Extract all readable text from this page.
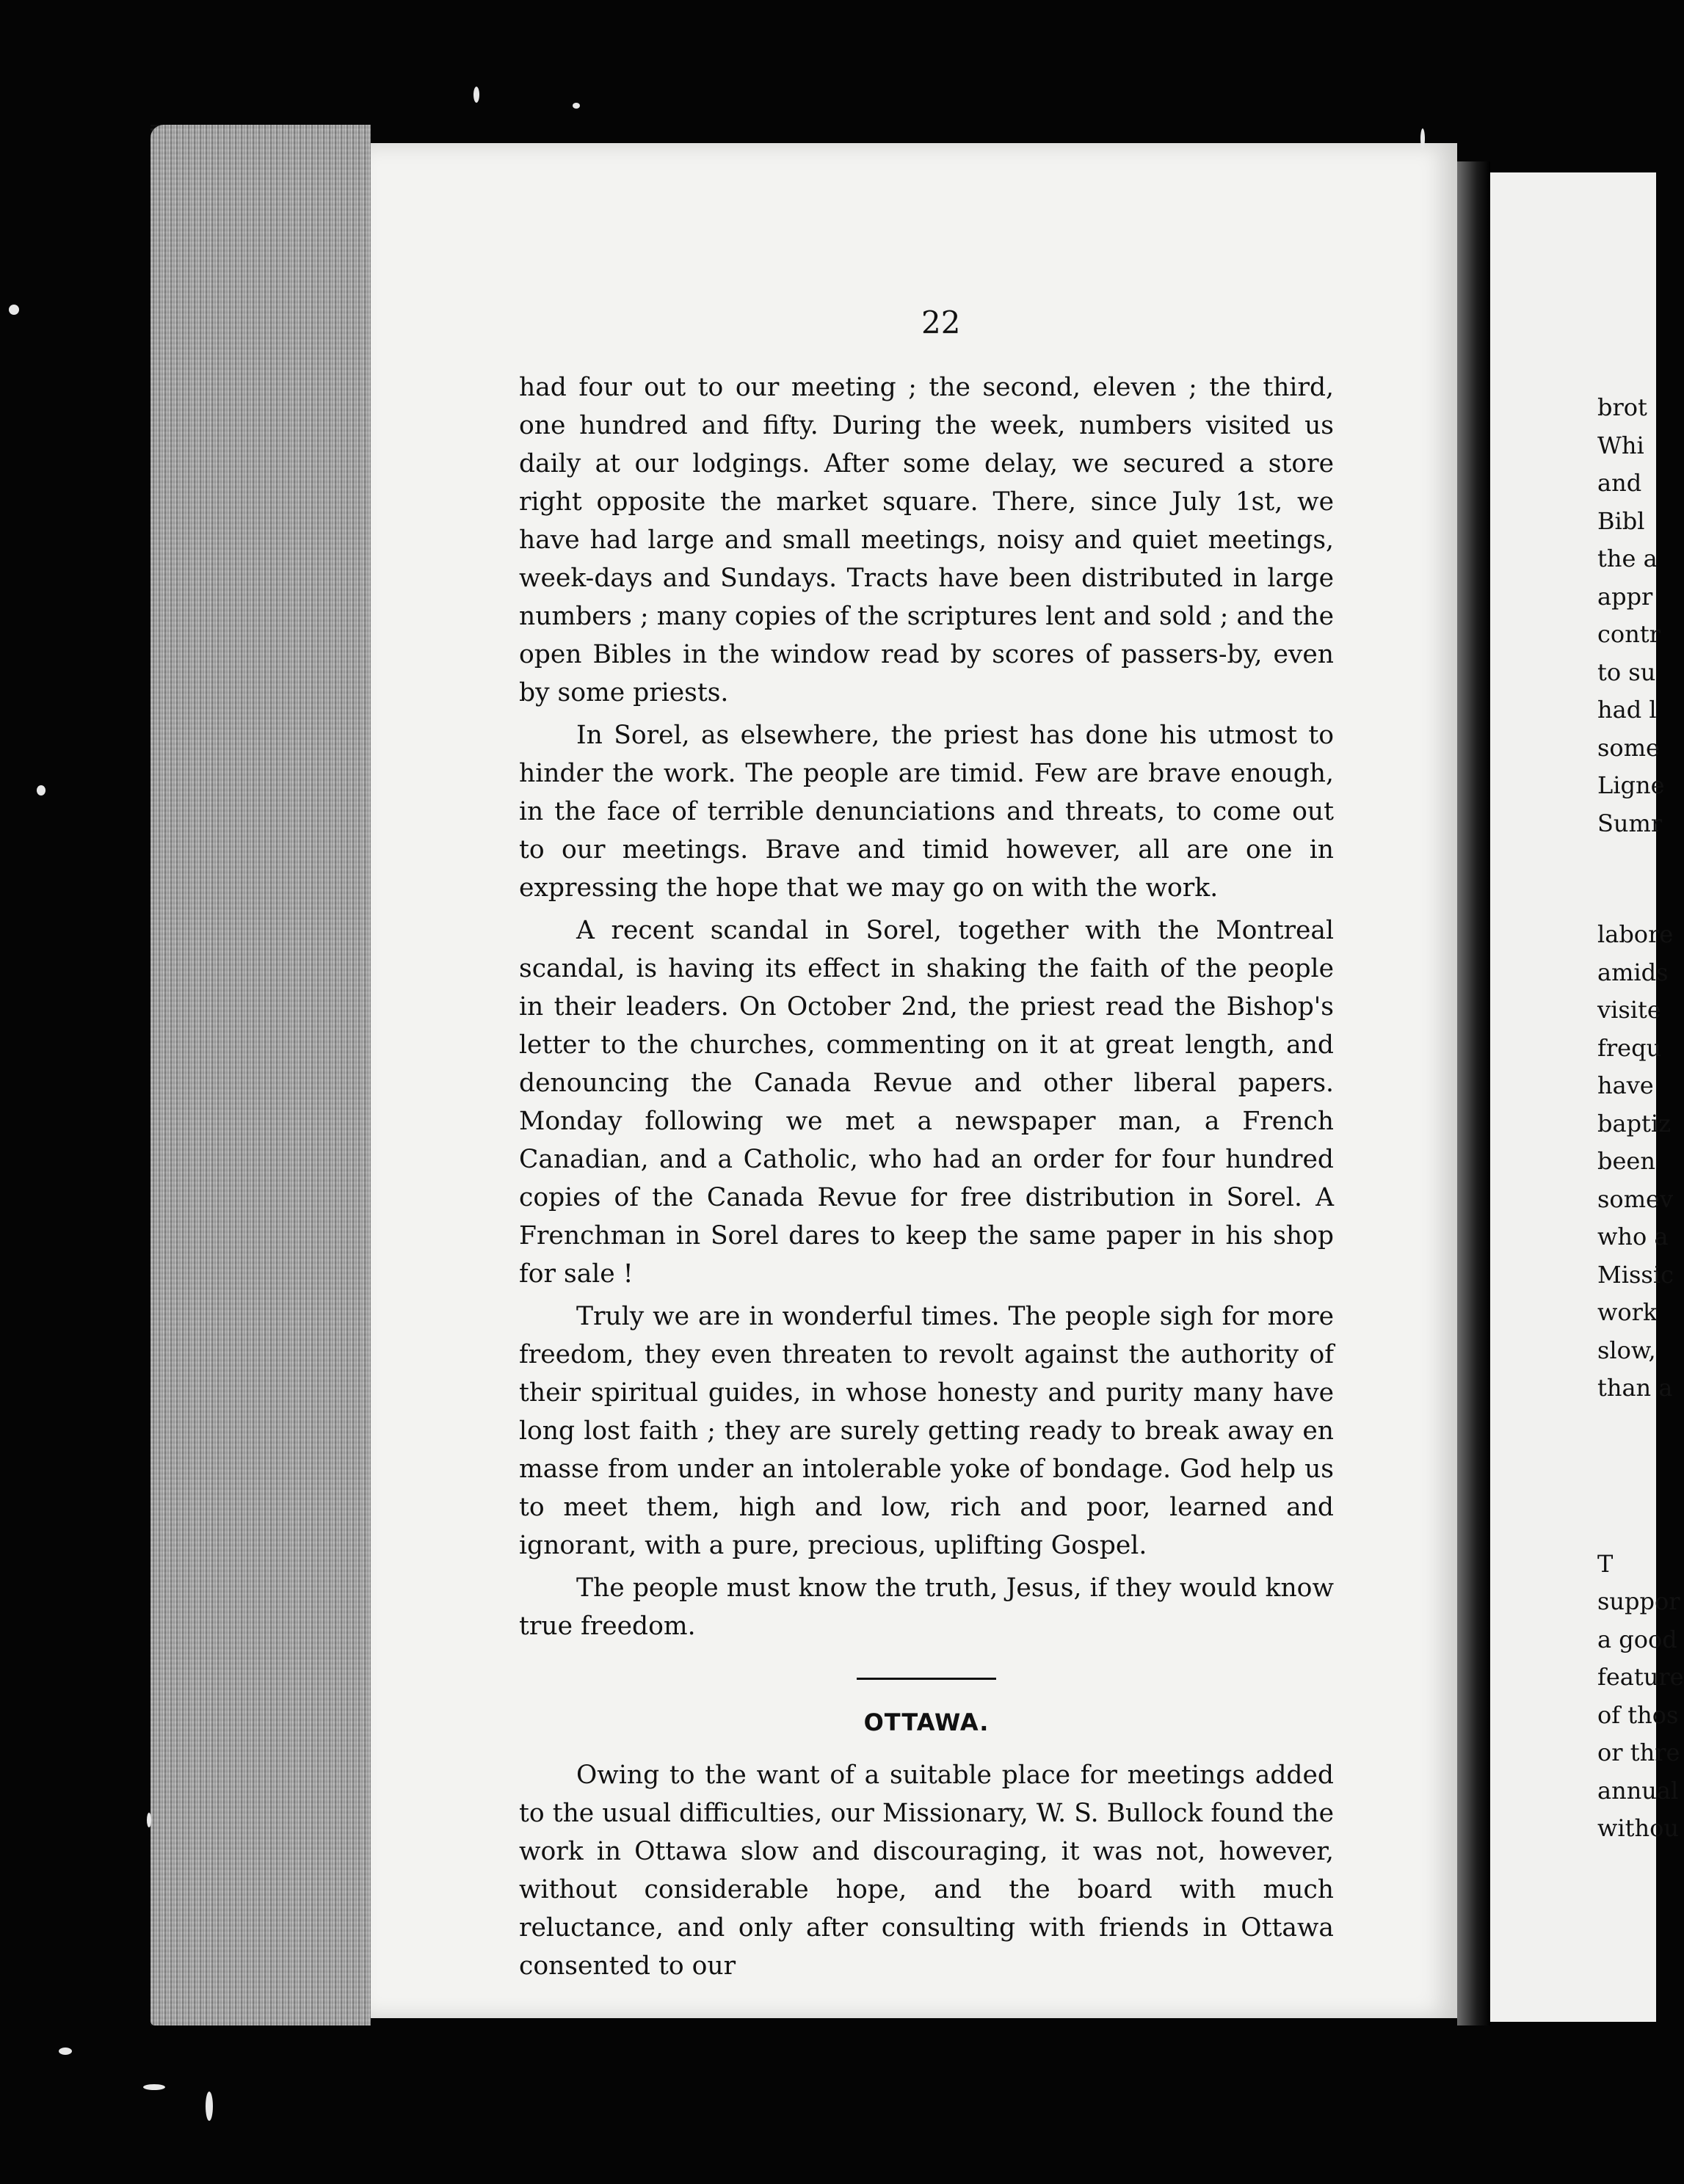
22

had four out to our meeting ; the second, eleven ; the third, one hundred and fifty. During the week, numbers visited us daily at our lodgings. After some delay, we secured a store right opposite the market square. There, since July 1st, we have had large and small meetings, noisy and quiet meetings, week-days and Sundays. Tracts have been distributed in large numbers ; many copies of the scriptures lent and sold ; and the open Bibles in the window read by scores of passers-by, even by some priests.

In Sorel, as elsewhere, the priest has done his utmost to hinder the work. The people are timid. Few are brave enough, in the face of terrible denunciations and threats, to come out to our meetings. Brave and timid however, all are one in expressing the hope that we may go on with the work.

A recent scandal in Sorel, together with the Montreal scandal, is having its effect in shaking the faith of the people in their leaders. On October 2nd, the priest read the Bishop's letter to the churches, commenting on it at great length, and denouncing the Canada Revue and other liberal papers. Monday following we met a newspaper man, a French Canadian, and a Catholic, who had an order for four hundred copies of the Canada Revue for free distribution in Sorel. A Frenchman in Sorel dares to keep the same paper in his shop for sale !

Truly we are in wonderful times. The people sigh for more freedom, they even threaten to revolt against the authority of their spiritual guides, in whose honesty and purity many have long lost faith ; they are surely getting ready to break away en masse from under an intolerable yoke of bondage. God help us to meet them, high and low, rich and poor, learned and ignorant, with a pure, precious, uplifting Gospel.

The people must know the truth, Jesus, if they would know true freedom.

OTTAWA.

Owing to the want of a suitable place for meetings added to the usual difficulties, our Missionary, W. S. Bullock found the work in Ottawa slow and discouraging, it was not, however, without considerable hope, and the board with much reluctance, and only after consulting with friends in Ottawa consented to our

brot
Whi
and
Bibl
the a
appr
contr
to su
had l
some
Ligne
Sumr
labore
amids
visite
frequ
have
baptiz
been
somev
who a
Missic
work
slow,
than a
T
suppor
a good
feature
of thos
or thre
annual
withou
